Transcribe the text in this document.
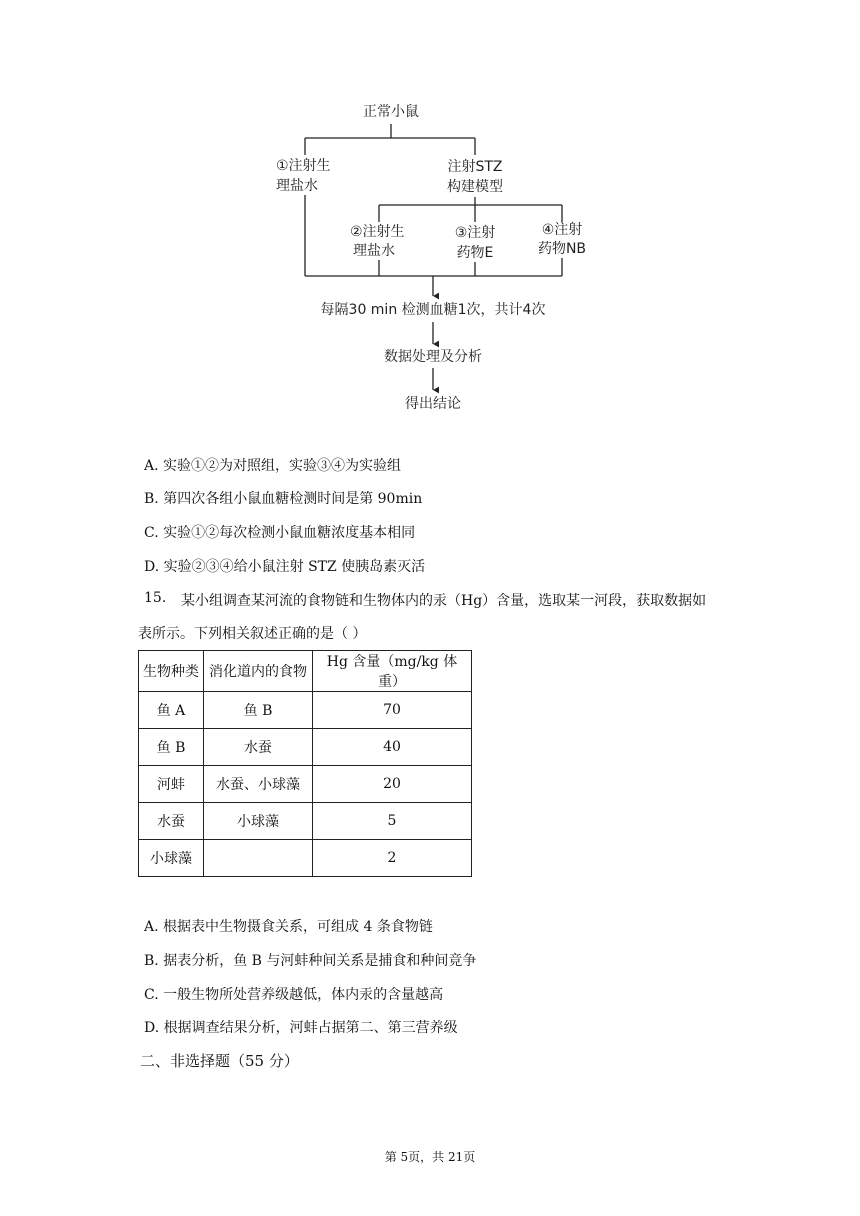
正常小鼠
①注射生
理盐水
注射STZ
构建模型
②注射生
理盐水
③注射
药物E
④注射
药物NB
每隔30 min 检测血糖1次，共计4次
数据处理及分析
得出结论
A. 实验①②为对照组，实验③④为实验组
B. 第四次各组小鼠血糖检测时间是第 90min
C. 实验①②每次检测小鼠血糖浓度基本相同
D. 实验②③④给小鼠注射 STZ 使胰岛素灭活
15. 某小组调查某河流的食物链和生物体内的汞（Hg）含量，选取某一河段，获取数据如
表所示。下列相关叙述正确的是（ ）
生物种类	消化道内的食物	Hg 含量（mg/kg 体重）
鱼 A	鱼 B	70
鱼 B	水蚕	40
河蚌	水蚕、小球藻	20
水蚕	小球藻	5
小球藻		2
A. 根据表中生物摄食关系，可组成 4 条食物链
B. 据表分析，鱼 B 与河蚌种间关系是捕食和种间竞争
C. 一般生物所处营养级越低，体内汞的含量越高
D. 根据调查结果分析，河蚌占据第二、第三营养级
二、非选择题（55 分）
第 5页，共 21页
